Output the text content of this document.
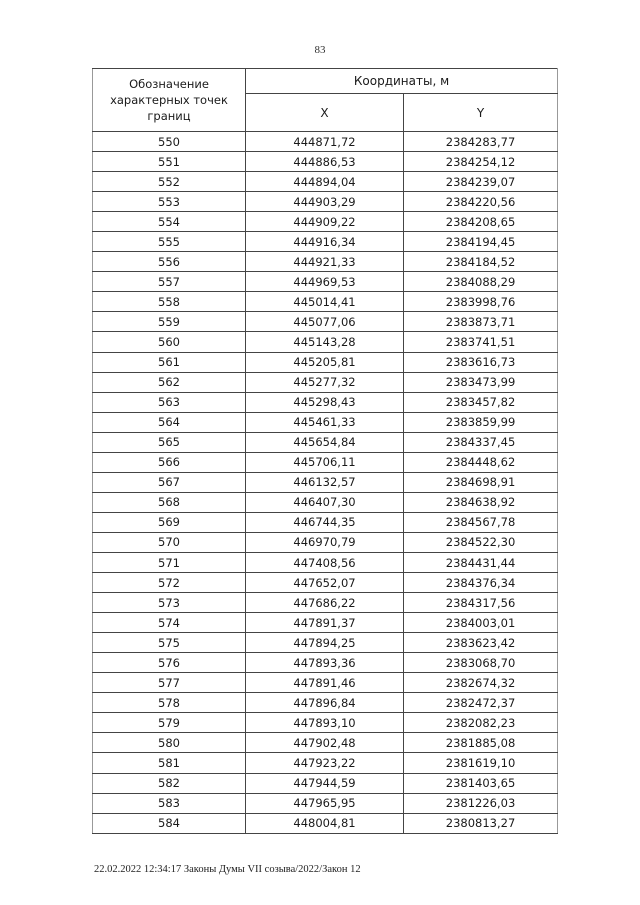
83
Обозначение характерных точек границ	Координаты, м	
	X	Y
550	444871,72	2384283,77
551	444886,53	2384254,12
552	444894,04	2384239,07
553	444903,29	2384220,56
554	444909,22	2384208,65
555	444916,34	2384194,45
556	444921,33	2384184,52
557	444969,53	2384088,29
558	445014,41	2383998,76
559	445077,06	2383873,71
560	445143,28	2383741,51
561	445205,81	2383616,73
562	445277,32	2383473,99
563	445298,43	2383457,82
564	445461,33	2383859,99
565	445654,84	2384337,45
566	445706,11	2384448,62
567	446132,57	2384698,91
568	446407,30	2384638,92
569	446744,35	2384567,78
570	446970,79	2384522,30
571	447408,56	2384431,44
572	447652,07	2384376,34
573	447686,22	2384317,56
574	447891,37	2384003,01
575	447894,25	2383623,42
576	447893,36	2383068,70
577	447891,46	2382674,32
578	447896,84	2382472,37
579	447893,10	2382082,23
580	447902,48	2381885,08
581	447923,22	2381619,10
582	447944,59	2381403,65
583	447965,95	2381226,03
584	448004,81	2380813,27
22.02.2022 12:34:17 Законы Думы VII созыва/2022/Закон 12
